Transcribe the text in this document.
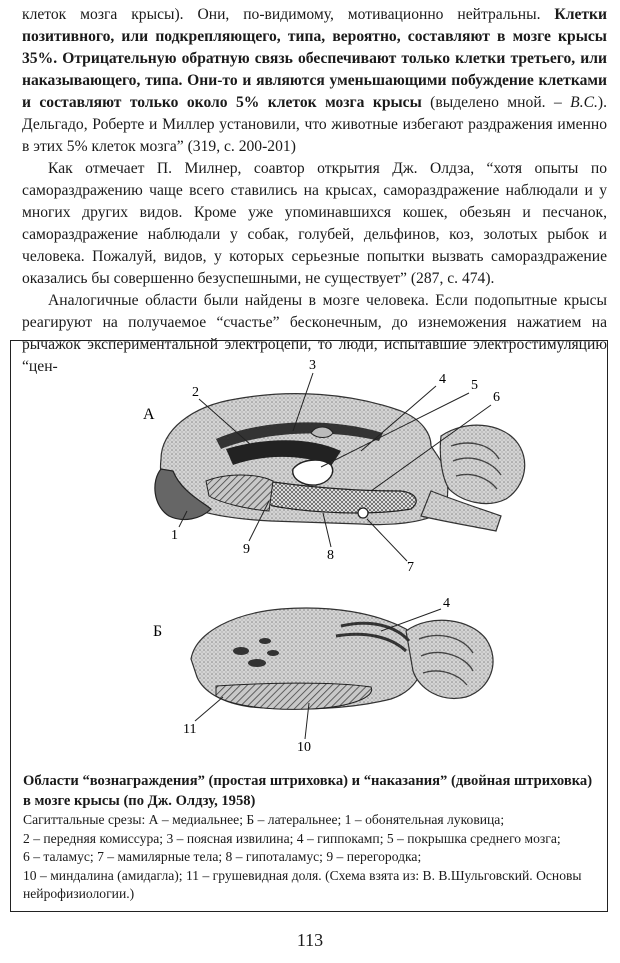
клеток мозга крысы). Они, по-видимому, мотивационно нейтральны. Клетки позитивного, или подкрепляющего, типа, вероятно, составляют в мозге крысы 35%. Отрицательную обратную связь обеспечивают только клетки третьего, или наказывающего, типа. Они-то и являются уменьшающими побуждение клетками и составляют только около 5% клеток мозга крысы (выделено мной. – В.С.). Дельгадо, Роберте и Миллер установили, что животные избегают раздражения именно в этих 5% клеток мозга” (319, с. 200-201)

Как отмечает П. Милнер, соавтор открытия Дж. Олдза, “хотя опыты по самораздражению чаще всего ставились на крысах, самораздражение наблюдали и у многих других видов. Кроме уже упоминавшихся кошек, обезьян и песчанок, самораздражение наблюдали у собак, голубей, дельфинов, коз, золотых рыбок и человека. Пожалуй, видов, у которых серьезные попытки вызвать самораздражение оказались бы совершенно безуспешными, не существует” (287, с. 474).

Аналогичные области были найдены в мозге человека. Если подопытные крысы реагируют на получаемое “счастье” бесконечным, до изнеможения нажатием на рычажок экспериментальной электроцепи, то люди, испытавшие электростимуляцию “цен-

А
2
3
4 5
6
1
9	8
7
Б
4
11
10
Области “вознаграждения” (простая штриховка) и “наказания” (двойная штриховка) в мозге крысы (по Дж. Олдзу, 1958)
Сагиттальные срезы: А – медиальнее; Б – латеральнее; 1 – обонятельная луковица;
2 – передняя комиссура; 3 – поясная извилина; 4 – гиппокамп; 5 – покрышка среднего мозга;
6 – таламус; 7 – мамилярные тела; 8 – гипоталамус; 9 – перегородка;
10 – миндалина (амидагла); 11 – грушевидная доля. (Схема взята из: В. В.Шульговский. Основы нейрофизиологии.)
113
